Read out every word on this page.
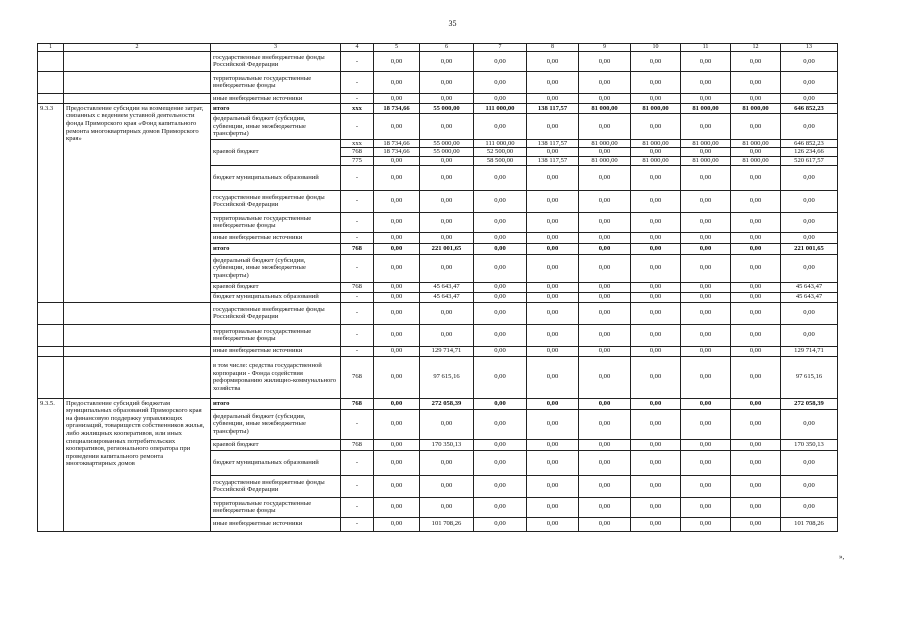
35
1	2	3	4	5	6	7	8	9	10	11	12	13
		государственные внебюджетные фонды Российской Федерации	-	0,00	0,00	0,00	0,00	0,00	0,00	0,00	0,00	0,00
		территориальные государственные внебюджетные фонды	-	0,00	0,00	0,00	0,00	0,00	0,00	0,00	0,00	0,00
		иные внебюджетные источники	-	0,00	0,00	0,00	0,00	0,00	0,00	0,00	0,00	0,00
9.3.3	Предоставление субсидии на возмещение затрат, связанных с ведением уставной деятельности фонда Приморского края «Фонд капитального ремонта многоквартирных домов Приморского края»	итого	ххх	18 734,66	55 000,00	111 000,00	138 117,57	81 000,00	81 000,00	81 000,00	81 000,00	646 852,23
		федеральный бюджет (субсидии, субвенции, иные межбюджетные трансферты)	-	0,00	0,00	0,00	0,00	0,00	0,00	0,00	0,00	0,00
		краевой бюджет	ххх	18 734,66	55 000,00	111 000,00	138 117,57	81 000,00	81 000,00	81 000,00	81 000,00	646 852,23
			768	18 734,66	55 000,00	52 500,00	0,00	0,00	0,00	0,00	0,00	126 234,66
			775	0,00	0,00	58 500,00	138 117,57	81 000,00	81 000,00	81 000,00	81 000,00	520 617,57
		бюджет муниципальных образований	-	0,00	0,00	0,00	0,00	0,00	0,00	0,00	0,00	0,00
		государственные внебюджетные фонды Российской Федерации	-	0,00	0,00	0,00	0,00	0,00	0,00	0,00	0,00	0,00
		территориальные государственные внебюджетные фонды	-	0,00	0,00	0,00	0,00	0,00	0,00	0,00	0,00	0,00
		иные внебюджетные источники	-	0,00	0,00	0,00	0,00	0,00	0,00	0,00	0,00	0,00
		итого	768	0,00	221 001,65	0,00	0,00	0,00	0,00	0,00	0,00	221 001,65
		федеральный бюджет (субсидии, субвенции, иные межбюджетные трансферты)	-	0,00	0,00	0,00	0,00	0,00	0,00	0,00	0,00	0,00
		краевой бюджет	768	0,00	45 643,47	0,00	0,00	0,00	0,00	0,00	0,00	45 643,47
		бюджет муниципальных образований	-	0,00	45 643,47	0,00	0,00	0,00	0,00	0,00	0,00	45 643,47
		государственные внебюджетные фонды Российской Федерации	-	0,00	0,00	0,00	0,00	0,00	0,00	0,00	0,00	0,00
		территориальные государственные внебюджетные фонды	-	0,00	0,00	0,00	0,00	0,00	0,00	0,00	0,00	0,00
		иные внебюджетные источники	-	0,00	129 714,71	0,00	0,00	0,00	0,00	0,00	0,00	129 714,71
		в том числе: средства государственной корпорации - Фонда содействия реформированию жилищно-коммунального хозяйства	768	0,00	97 615,16	0,00	0,00	0,00	0,00	0,00	0,00	97 615,16
9.3.5.	Предоставление субсидий бюджетам муниципальных образований Приморского края на финансовую поддержку управляющих организаций, товариществ собственников жилья, либо жилищных кооперативов, или иных специализированных потребительских кооперативов, регионального оператора при проведении капитального ремонта многоквартирных домов	итого	768	0,00	272 058,39	0,00	0,00	0,00	0,00	0,00	0,00	272 058,39
		федеральный бюджет (субсидии, субвенции, иные межбюджетные трансферты)	-	0,00	0,00	0,00	0,00	0,00	0,00	0,00	0,00	0,00
		краевой бюджет	768	0,00	170 350,13	0,00	0,00	0,00	0,00	0,00	0,00	170 350,13
		бюджет муниципальных образований	-	0,00	0,00	0,00	0,00	0,00	0,00	0,00	0,00	0,00
		государственные внебюджетные фонды Российской Федерации	-	0,00	0,00	0,00	0,00	0,00	0,00	0,00	0,00	0,00
		территориальные государственные внебюджетные фонды	-	0,00	0,00	0,00	0,00	0,00	0,00	0,00	0,00	0,00
		иные внебюджетные источники	-	0,00	101 708,26	0,00	0,00	0,00	0,00	0,00	0,00	101 708,26
»,
